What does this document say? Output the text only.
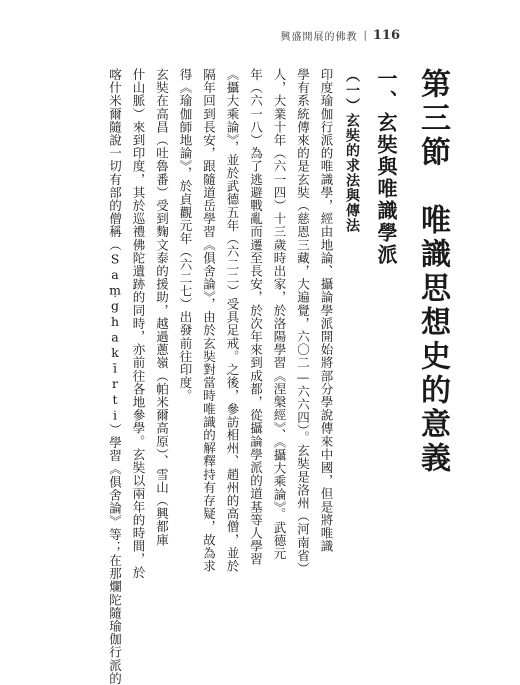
興盛開展的佛教 | 116
第三節　唯識思想史的意義
一、玄奘與唯識學派
（一）玄奘的求法與傳法
印度瑜伽行派的唯識學，經由地論、攝論學派開始將部分學說傳來中國，但是將唯識
學有系統傳來的是玄奘（慈恩三藏，大遍覺，六〇二—六六四）。玄奘是洛州（河南省）
人，大業十年（六一四）十三歲時出家，於洛陽學習《涅槃經》、《攝大乘論》。武德元
年（六一八）為了逃避戰亂而遷至長安，於次年來到成都，從攝論學派的道基等人學習
《攝大乘論》，並於武德五年（六二二）受具足戒。之後，參訪相州、趙州的高僧，並於
隔年回到長安，跟隨道岳學習《俱舍論》，由於玄奘對當時唯識的解釋持有存疑，故為求
得《瑜伽師地論》，於貞觀元年（六二七）出發前往印度。
玄奘在高昌（吐魯番）受到麴文泰的援助，越過蔥嶺（帕米爾高原）、雪山（興都庫
什山脈）來到印度，其於巡禮佛陀遺跡的同時，亦前往各地參學。玄奘以兩年的時間，於
喀什米爾隨說一切有部的僧稱（Saṃghakīrti）學習《俱舍論》等；在那爛陀隨瑜伽行派的
